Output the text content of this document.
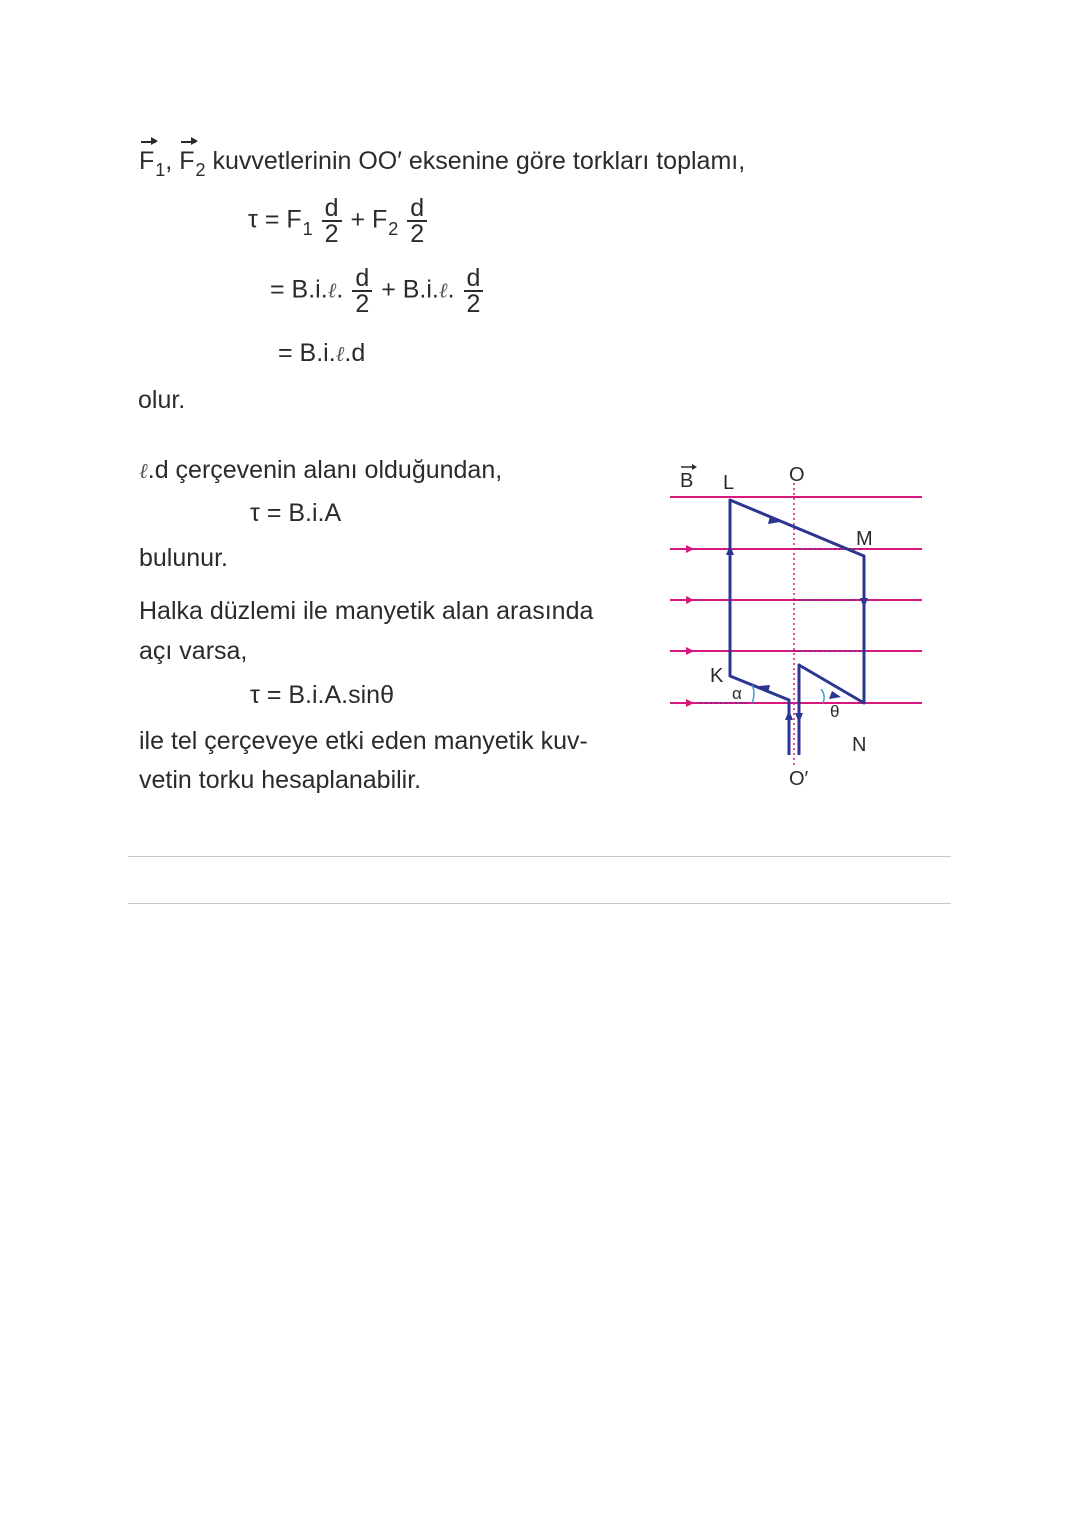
$F_1$, $F_2$ kuvvetlerinin OO′ eksenine göre torkları toplamı,
$\tau = F_1 \frac{d}{2} + F_2 \frac{d}{2}$
= B.i.ℓ. $\frac{d}{2}$ + B.i.ℓ. $\frac{d}{2}$
= B.i.ℓ.d
olur.
ℓ.d çerçevenin alanı olduğundan,
τ = B.i.A
bulunur.
Halka düzlemi ile manyetik alan arasında
açı varsa,
τ = B.i.A.sinθ
ile tel çerçeveye etki eden manyetik kuv-
vetin torku hesaplanabilir.
B L	O
M
K
α
θ
N
O′
